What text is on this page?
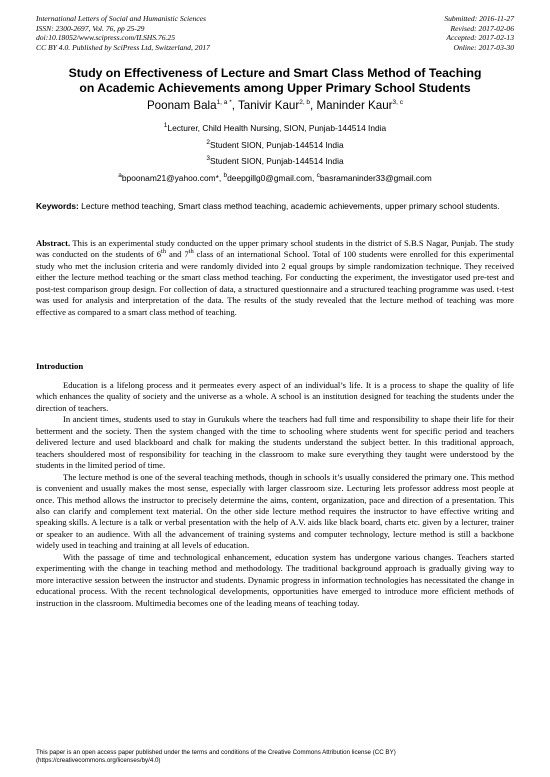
International Letters of Social and Humanistic Sciences	Submitted: 2016-11-27
ISSN: 2300-2697, Vol. 76, pp 25-29	Revised: 2017-02-06
doi:10.18052/www.scipress.com/ILSHS.76.25	Accepted: 2017-02-13
CC BY 4.0. Published by SciPress Ltd, Switzerland, 2017	Online: 2017-03-30
Study on Effectiveness of Lecture and Smart Class Method of Teaching
on Academic Achievements among Upper Primary School Students
Poonam Bala$^{1, a *}$, Tanivir Kaur$^{2, b}$, Maninder Kaur$^{3, c}$
$^1$Lecturer, Child Health Nursing, SION, Punjab-144514 India
$^2$Student SION, Punjab-144514 India
$^3$Student SION, Punjab-144514 India
$^a$bpoonam21@yahoo.com*, $^b$deepgillg0@gmail.com, $^c$basramaninder33@gmail.com
Keywords: Lecture method teaching, Smart class method teaching, academic achievements, upper primary school students.

Abstract. This is an experimental study conducted on the upper primary school students in the district of S.B.S Nagar, Punjab. The study was conducted on the students of 6th and 7th class of an international School. Total of 100 students were enrolled for this experimental study who met the inclusion criteria and were randomly divided into 2 equal groups by simple randomization technique. They received either the lecture method teaching or the smart class method teaching. For conducting the experiment, the investigator used pre-test and post-test comparison group design. For collection of data, a structured questionnaire and a structured teaching programme was used. t-test was used for analysis and interpretation of the data. The results of the study revealed that the lecture method of teaching was more effective as compared to a smart class method of teaching.

Introduction

Education is a lifelong process and it permeates every aspect of an individual’s life. It is a process to shape the quality of life which enhances the quality of society and the universe as a whole. A school is an institution designed for teaching the students under the direction of teachers.

In ancient times, students used to stay in Gurukuls where the teachers had full time and responsibility to shape their life for their betterment and the society. Then the system changed with the time to schooling where students went for specific period and teachers delivered lecture and used blackboard and chalk for making the students understand the subject better. In this traditional approach, teachers shouldered most of responsibility for teaching in the classroom to make sure everything they taught were understood by the students in the limited period of time.

The lecture method is one of the several teaching methods, though in schools it’s usually considered the primary one. This method is convenient and usually makes the most sense, especially with larger classroom size. Lecturing lets professor address most people at once. This method allows the instructor to precisely determine the aims, content, organization, pace and direction of a presentation. This also can clarify and complement text material. On the other side lecture method requires the instructor to have effective writing and speaking skills. A lecture is a talk or verbal presentation with the help of A.V. aids like black board, charts etc. given by a lecturer, trainer or speaker to an audience. With all the advancement of training systems and computer technology, lecture method is still a backbone widely used in teaching and training at all levels of education.

With the passage of time and technological enhancement, education system has undergone various changes. Teachers started experimenting with the change in teaching method and methodology. The traditional background approach is gradually giving way to more interactive session between the instructor and students. Dynamic progress in information technologies has necessitated the change in educational process. With the recent technological developments, opportunities have emerged to introduce more efficient methods of instruction in the classroom. Multimedia becomes one of the leading means of teaching today.

This paper is an open access paper published under the terms and conditions of the Creative Commons Attribution license (CC BY)
(https://creativecommons.org/licenses/by/4.0)
